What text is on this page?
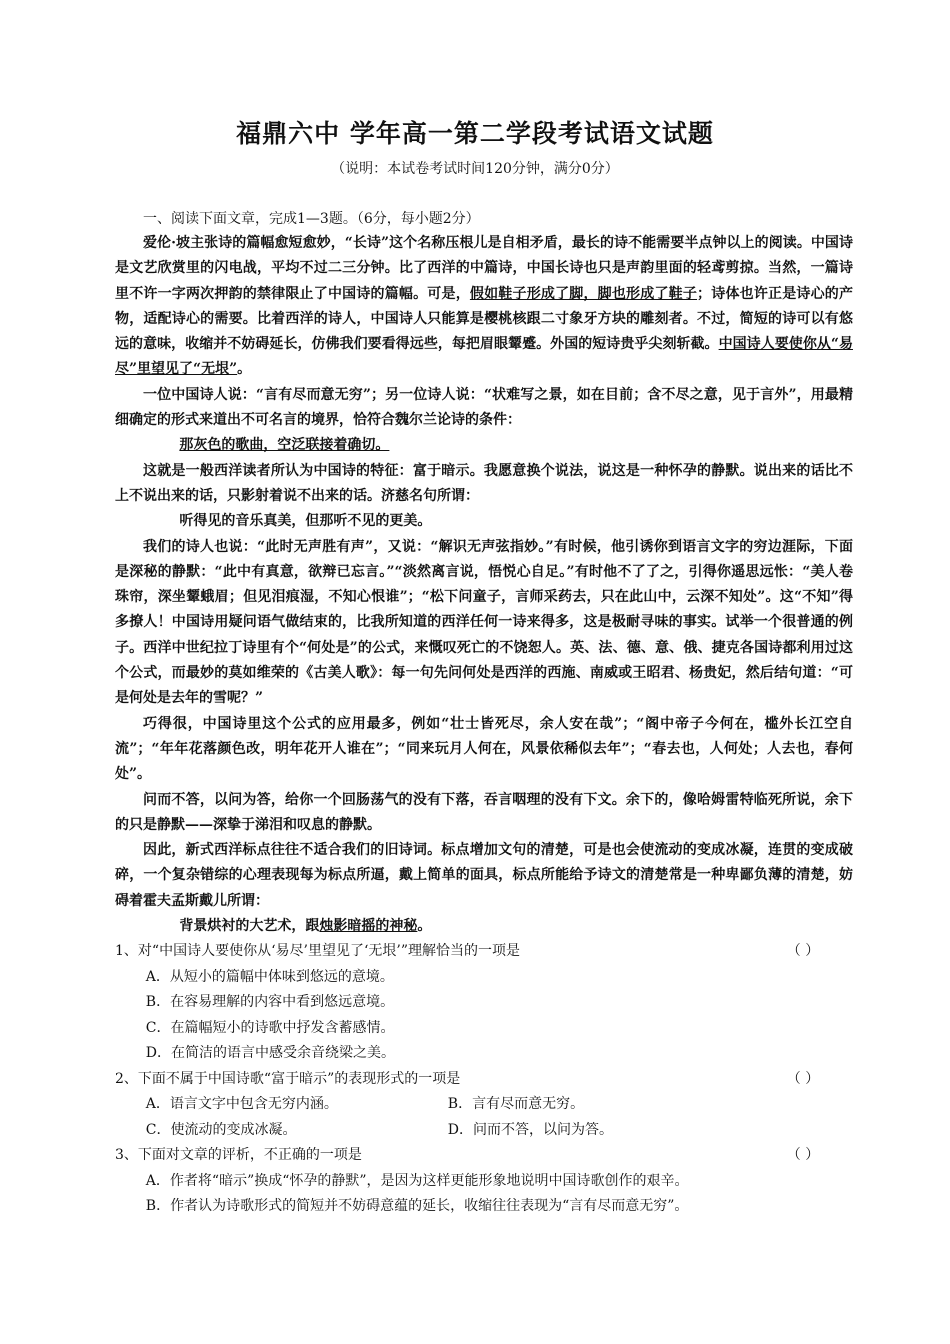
福鼎六中 学年高一第二学段考试语文试题
（说明：本试卷考试时间120分钟，满分0分）

一、阅读下面文章，完成1—3题。（6分，每小题2分）

爱伦·坡主张诗的篇幅愈短愈妙，“长诗”这个名称压根儿是自相矛盾，最长的诗不能需要半点钟以上的阅读。中国诗是文艺欣赏里的闪电战，平均不过二三分钟。比了西洋的中篇诗，中国长诗也只是声韵里面的轻鸢剪掠。当然，一篇诗里不许一字两次押韵的禁律限止了中国诗的篇幅。可是，假如鞋子形成了脚，脚也形成了鞋子；诗体也许正是诗心的产物，适配诗心的需要。比着西洋的诗人，中国诗人只能算是樱桃核跟二寸象牙方块的雕刻者。不过，简短的诗可以有悠远的意味，收缩并不妨碍延长，仿佛我们要看得远些，每把眉眼颦蹙。外国的短诗贵乎尖刻斩截。中国诗人要使你从“易尽”里望见了“无垠”。

一位中国诗人说：“言有尽而意无穷”；另一位诗人说：“状难写之景，如在目前；含不尽之意，见于言外”，用最精细确定的形式来道出不可名言的境界，恰符合魏尔兰论诗的条件：

那灰色的歌曲，空泛联接着确切。

这就是一般西洋读者所认为中国诗的特征：富于暗示。我愿意换个说法，说这是一种怀孕的静默。说出来的话比不上不说出来的话，只影射着说不出来的话。济慈名句所谓：

听得见的音乐真美，但那听不见的更美。

我们的诗人也说：“此时无声胜有声”，又说：“解识无声弦指妙。”有时候，他引诱你到语言文字的穷边涯际，下面是深秘的静默：“此中有真意，欲辩已忘言。”“淡然离言说，悟悦心自足。”有时他不了了之，引得你遥思远怅：“美人卷珠帘，深坐颦蛾眉；但见泪痕湿，不知心恨谁”；“松下问童子，言师采药去，只在此山中，云深不知处”。这“不知”得多撩人！中国诗用疑问语气做结束的，比我所知道的西洋任何一诗来得多，这是极耐寻味的事实。试举一个很普通的例子。西洋中世纪拉丁诗里有个“何处是”的公式，来慨叹死亡的不饶恕人。英、法、德、意、俄、捷克各国诗都利用过这个公式，而最妙的莫如维荣的《古美人歌》：每一句先问何处是西洋的西施、南威或王昭君、杨贵妃，然后结句道：“可是何处是去年的雪呢？”

巧得很，中国诗里这个公式的应用最多，例如“壮士皆死尽，余人安在哉”；“阁中帝子今何在，槛外长江空自流”；“年年花落颜色改，明年花开人谁在”；“同来玩月人何在，风景依稀似去年”；“春去也，人何处；人去也，春何处”。

问而不答，以问为答，给你一个回肠荡气的没有下落，吞言咽理的没有下文。余下的，像哈姆雷特临死所说，余下的只是静默——深挚于涕泪和叹息的静默。

因此，新式西洋标点往往不适合我们的旧诗词。标点增加文句的清楚，可是也会使流动的变成冰凝，连贯的变成破碎，一个复杂错综的心理表现每为标点所逼，戴上简单的面具，标点所能给予诗文的清楚常是一种卑鄙负薄的清楚，妨碍着霍夫孟斯戴儿所谓：

背景烘衬的大艺术，跟烛影暗摇的神秘。

1、对“中国诗人要使你从‘易尽’里望见了‘无垠’”理解恰当的一项是	（ ）
A．从短小的篇幅中体味到悠远的意境。
B．在容易理解的内容中看到悠远意境。
C．在篇幅短小的诗歌中抒发含蓄感情。
D．在简洁的语言中感受余音绕梁之美。
2、下面不属于中国诗歌“富于暗示”的表现形式的一项是	（ ）
A．语言文字中包含无穷内涵。	B．言有尽而意无穷。
C．使流动的变成冰凝。	D．问而不答，以问为答。
3、下面对文章的评析，不正确的一项是	（ ）
A．作者将“暗示”换成“怀孕的静默”，是因为这样更能形象地说明中国诗歌创作的艰辛。
B．作者认为诗歌形式的简短并不妨碍意蕴的延长，收缩往往表现为“言有尽而意无穷”。
